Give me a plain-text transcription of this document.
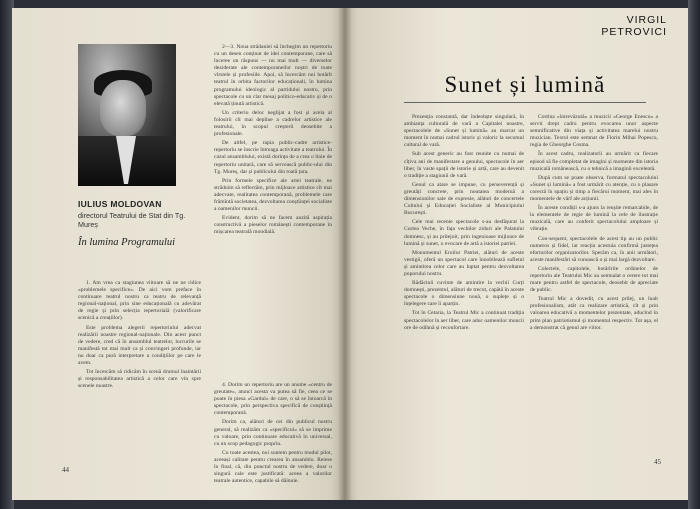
IULIUS MOLDOVAN
directorul Teatrului de Stat din Tg. Mureș
În lumina Programului

2—3. Noua strădaniei să închegim un repertoriu cu un desen conținut de idei contemporane, care să înceree un răspuns — nu mai mult — diverselor deziderate ale contemporaneilor noștri de toate vîrstele și profesiile. Apoi, să încercăm noi hotărît teatrul în orbita factorilor educaționali, în lumina programului ideologic al partidului nostru, prin spectacole cu un clar mesaj politico-educativ și de o elevată ținută artistică.

Un criteriu deloc neglijat a fost și acela al folosirii cît mai depline a cadrelor artistice ale teatrului, în scopul creșterii deosebite a profesionale.

De altfel, pe rapia public-cadre artistice-repertoriu se înscrie întreaga activitate a teatrului. În cazul ansamblului, există dorința de a crea o linie de repertoriu unitară, care să servească public-ului din Tg. Mureș, dar și publicului din toată țara.

Prin formele specifice ale artei teatrale, ne străduim să reflectăm, prin mijloace artistice cît mai adecvate, realitatea contemporană, problemele care frămîntă societatea, dezvoltarea conștiinței socialiste a oamenilor muncii.

Evident, dorim să ne facem auzită aspirația constructivă a pieselor românești contemporane în mișcarea teatrală mondială.

1. Am vrea ca stagiunea viitoare să ne ne ridice «problemele specifice». De aici vom preface în continuare teatrul nostru ca teatru de relevanță regional-național, prin sine educațională cu adevărat de regie și prin selecția repertorială (valorificare scenică a creațiilor).

Este problema alegerii repertoriului adecvat realizării noastre regional-naționale. Din acest punct de vedere, cred că în ansamblul teatrelor, lucrurile se manifestă tot mai mult ca și convingeri profunde, iar nu doar ca pură interpretare a condițiilor pe care le avem.

Tot încercăm să ridicăm în scenă drumul înaintării și responsabilitatea artistică a celor care vin spre scenele noastre.	4. Dorim un repertoriu are un anume «centru de greutate», atunci acesta va putea să fie, ceea ce se poate în piesa «Gardul» de care, o să se întoarcă în spectacole, prin perspectiva specifică de conștiință contemporană.

Dorim ca, alături de cei din publicul nostru general, să realizăm ca «specificul» să se imprime cu valoare, prin continuare educativă în universal, cu un scop pedagogic propriu.

Cu toate acestea, noi suntem pentru modul pilot, aceeași calitate pentru crearea în ansamblu. Reiese în final, că, din punctul nostru de vedere, doar o singură cale este justificată: aceea a valorilor teatrale autentice, capabile să dăinuie.

44
VIRGIL PETROVICI
Sunet și lumină

Prezenția constantă, dar îndeobște singulară, în ambianța culturală de vară a Capitalei noastre, spectacolele de «Sunet și lumină» au marcat un moment în numai cadrul istoric și valoric la secomul cultural de vară.

Sub acest generic au fost reunite cu numai de cîțiva ani de manifestare a genului, spectacole în aer liber, în vaste spații de istorie și artă, care au devenit o tradiție a stagiunii de vară.

Genul ca atare se impune, cu perseverență și greutăți concrete, prin noutatea modernă a dimensiunilor sale de expresie, alături de concertele Cultului și Educației Socialiste al Municipiului București.

Cele mai recente spectacole s-au desfășurat la Curtea Veche, în fața vechilor ziduri ale Palatului domnesc, și au prilejuit, prin ingenioase mijloace de lumină și sunet, o evocare de artă a istoriei patriei.

Monumentul Eroilor Patriei, alături de aceste vestigii, oferă un spectacol care înnobilează sufletul și amintirea celor care au luptat pentru dezvoltarea poporului nostru.

Rădăcinii cuvinte de amintire la vechii Curți domnești, prezentul, alături de trecut, capătă în aceste spectacole o dimensiune nouă, o suplețe și o înțelegere care îi aparțin.

Tot în Cetaria, la Teatrul Mic a continuat tradiția spectacolelor în aer liber, care aduc oamenilor muncii ore de odihnă și reconfortare.

Cortina «întrevăzută» a muzicii «George Enescu» a servit drept cadru pentru evocarea unor aspecte semnificative din viața și activitatea marelui nostru muzician. Textul este semnat de Florin Mihai Popescu, regia de Gheorghe Cosma.

În acest cadru, realizatorii au urmărit ca fiecare episod să fie completat de imagini și momente din istoria muzicală românească, cu o tehnică a imaginii excelentă.

După cum se poate observa, formatul spectacolului «Sunet și lumină» a fost urmărit cu atenție, cu o plasare corectă în spațiu și timp a fiecărui moment, mai ales în momentele de vârf ale acțiunii.

În aceste condiții s-a ajuns la reușite remarcabile, de la elementele de regie de lumină la cele de ilustrație muzicală, care au conferit spectacolului amploare și vibrație.

Con-sequent, spectacolele de acest tip au un public numeros și fidel, iar reacția acestuia confirmă justețea eforturilor organizatorilor. Sperăm ca, în anii următori, aceste manifestări să cunoască o și mai largă dezvoltare.

Colectele, capitolele, hotărîrile ordinelor de repertoriu ale Teatrului Mic au semnalat o cerere tot mai mare pentru astfel de spectacole, deosebit de apreciate de public.

Teatrul Mic a dovedit, cu acest prilej, un înalt profesionalism, atât ca realizare artistică, cît și prin valoarea educativă a momentelor prezentate, aducînd în prim plan patriotismul și momentul respectiv. Tot așa, el a demonstrat că genul are viitor.

45
